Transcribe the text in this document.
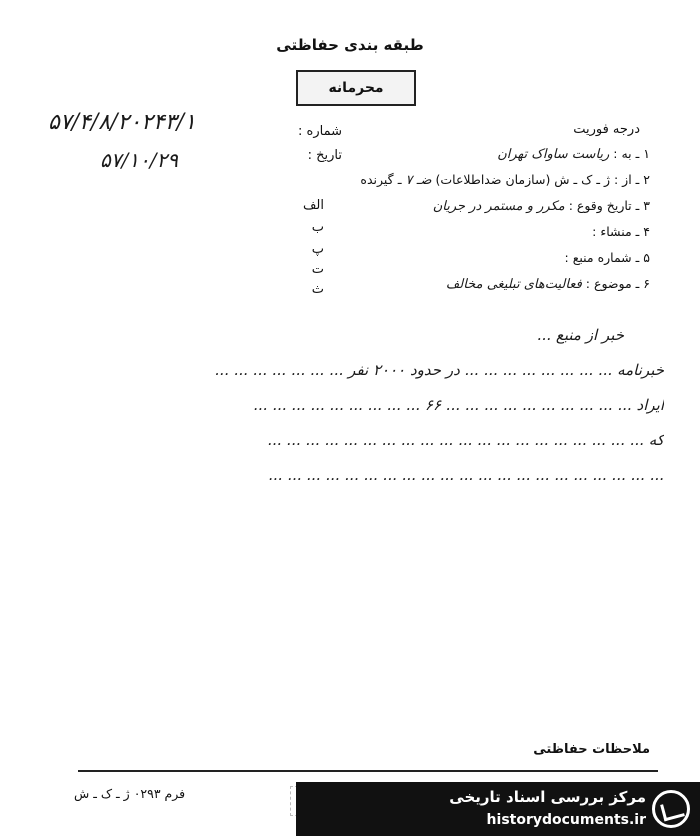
طبقه بندی حفاظتی
محرمانه
درجه فوریت
شماره :
تاریخ :
۵۷/۴/۸/۲۰۲۴۳/۱
۵۷/۱۰/۲۹	۱ ـ به : ریاست ساواک تهران
۲ ـ از : ژ ـ ک ـ ش (سازمان ضداطلاعات) ضـ ۷ ـ گیرنده
۳ ـ تاریخ وقوع : مکرر و مستمر در جریان
۴ ـ منشاء :
۵ ـ شماره منبع :
۶ ـ موضوع : فعالیت‌های تبلیغی مخالف
الف
ب
پ
ت
ث
خبر از منبع ...
خبرنامه ... ... ... ... ... ... ... ... در حدود ۲۰۰۰ نفر ... ... ... ... ... ... ...
ایراد ... ... ... ... ... ... ... ... ... ... ۶۶ ... ... ... ... ... ... ... ... ...
که ... ... ... ... ... ... ... ... ... ... ... ... ... ... ... ... ... ... ... ...
... ... ... ... ... ... ... ... ... ... ... ... ... ... ... ... ... ... ... ... ...
ملاحظات حفاظتی
فرم ۰۲۹۳ ژ ـ ک ـ ش	مرکز بررسی اسناد تاریخی
historydocuments.ir
